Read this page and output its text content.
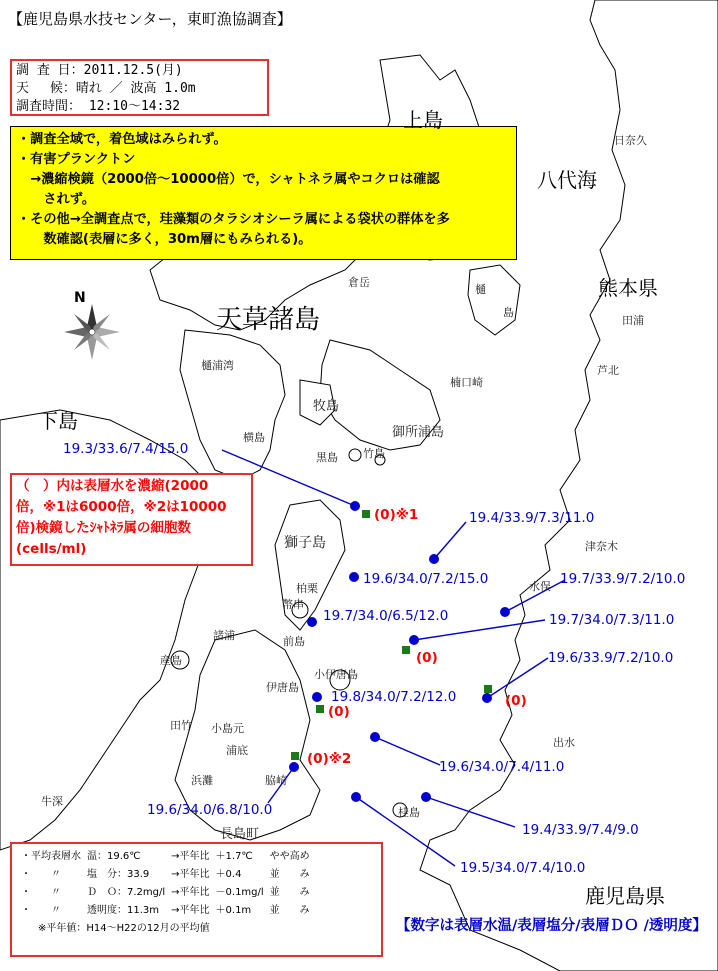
【鹿児島県水技センター，東町漁協調査】
調 査 日：2011.12.5(月)
天　 候：晴れ ／ 波高 1.0m
調査時間： 12:10～14:32
・調査全域で，着色域はみられず。
・有害プランクトン
　→濃縮検鏡（2000倍～10000倍）で，シャトネラ属やコクロは確認
　　されず。
・その他→全調査点で，珪藻類のタラシオシーラ属による袋状の群体を多
　　数確認(表層に多く，30m層にもみられる)。
（　）内は表層水を濃縮(2000
倍，※1は6000倍，※2は10000
倍)検鏡したｼｬﾄﾈﾗ属の細胞数
(cells/ml)
・平均表層水	温：19.6℃	→平年比	＋1.7℃	やや高め
・　　〃	塩　分：33.9	→平年比	＋0.4	並　　み
・　　〃	Ｄ　Ｏ：7.2mg/l	→平年比	－0.1mg/l	並　　み
・　　〃	透明度：11.3m	→平年比	＋0.1m	並　　み
※平年値：H14～H22の12月の平均値	【数字は表層水温/表層塩分/表層ＤＯ /透明度】
N
上島
八代海
熊本県
天草諸島
下島
鹿児島県
長島町
日奈久
倉岳
樋
島
田浦
芦北
樋浦湾
牧島
楠口崎
御所浦島
横島
黒島 竹島
獅子島	津奈木
水俣
柏栗
幣串
前島
諸浦
産島
小伊唐島
伊唐島
田竹 小島元
浦底
浜灘	脇崎
出水
桂島
牛深
19.3/33.6/7.4/15.0
19.4/33.9/7.3/11.0
19.6/34.0/7.2/15.0	19.7/33.9/7.2/10.0
19.7/34.0/6.5/12.0	19.7/34.0/7.3/11.0
19.6/33.9/7.2/10.0
19.8/34.0/7.2/12.0
19.6/34.0/7.4/11.0
19.6/34.0/6.8/10.0
19.4/33.9/7.4/9.0
19.5/34.0/7.4/10.0
(0)※1
(0)
(0)
(0)
(0)※2
